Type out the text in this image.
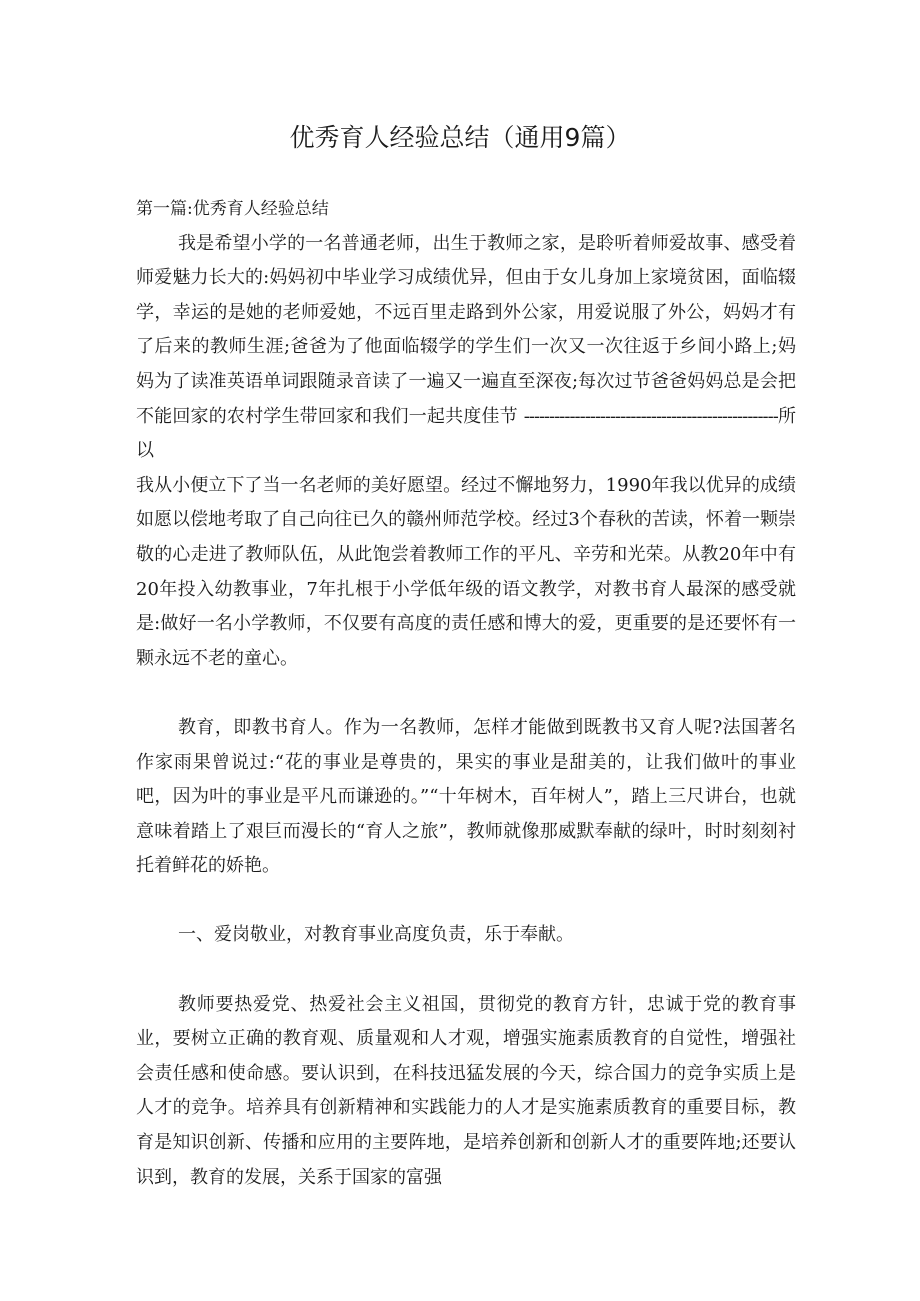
优秀育人经验总结（通用9篇）

第一篇:优秀育人经验总结

我是希望小学的一名普通老师，出生于教师之家，是聆听着师爱故事、感受着师爱魅力长大的:妈妈初中毕业学习成绩优异，但由于女儿身加上家境贫困，面临辍学，幸运的是她的老师爱她，不远百里走路到外公家，用爱说服了外公，妈妈才有了后来的教师生涯;爸爸为了他面临辍学的学生们一次又一次往返于乡间小路上;妈妈为了读准英语单词跟随录音读了一遍又一遍直至深夜;每次过节爸爸妈妈总是会把不能回家的农村学生带回家和我们一起共度佳节 --------------------------------------------------所以

我从小便立下了当一名老师的美好愿望。经过不懈地努力，1990年我以优异的成绩如愿以偿地考取了自己向往已久的赣州师范学校。经过3个春秋的苦读，怀着一颗崇敬的心走进了教师队伍，从此饱尝着教师工作的平凡、辛劳和光荣。从教20年中有20年投入幼教事业，7年扎根于小学低年级的语文教学，对教书育人最深的感受就是:做好一名小学教师，不仅要有高度的责任感和博大的爱，更重要的是还要怀有一颗永远不老的童心。

教育，即教书育人。作为一名教师，怎样才能做到既教书又育人呢?法国著名作家雨果曾说过:“花的事业是尊贵的，果实的事业是甜美的，让我们做叶的事业吧，因为叶的事业是平凡而谦逊的。”“十年树木，百年树人”，踏上三尺讲台，也就意味着踏上了艰巨而漫长的“育人之旅”，教师就像那威默奉献的绿叶，时时刻刻衬托着鲜花的娇艳。

一、爱岗敬业，对教育事业高度负责，乐于奉献。

教师要热爱党、热爱社会主义祖国，贯彻党的教育方针，忠诚于党的教育事业，要树立正确的教育观、质量观和人才观，增强实施素质教育的自觉性，增强社会责任感和使命感。要认识到，在科技迅猛发展的今天，综合国力的竞争实质上是人才的竞争。培养具有创新精神和实践能力的人才是实施素质教育的重要目标，教育是知识创新、传播和应用的主要阵地，是培养创新和创新人才的重要阵地;还要认识到，教育的发展，关系于国家的富强
